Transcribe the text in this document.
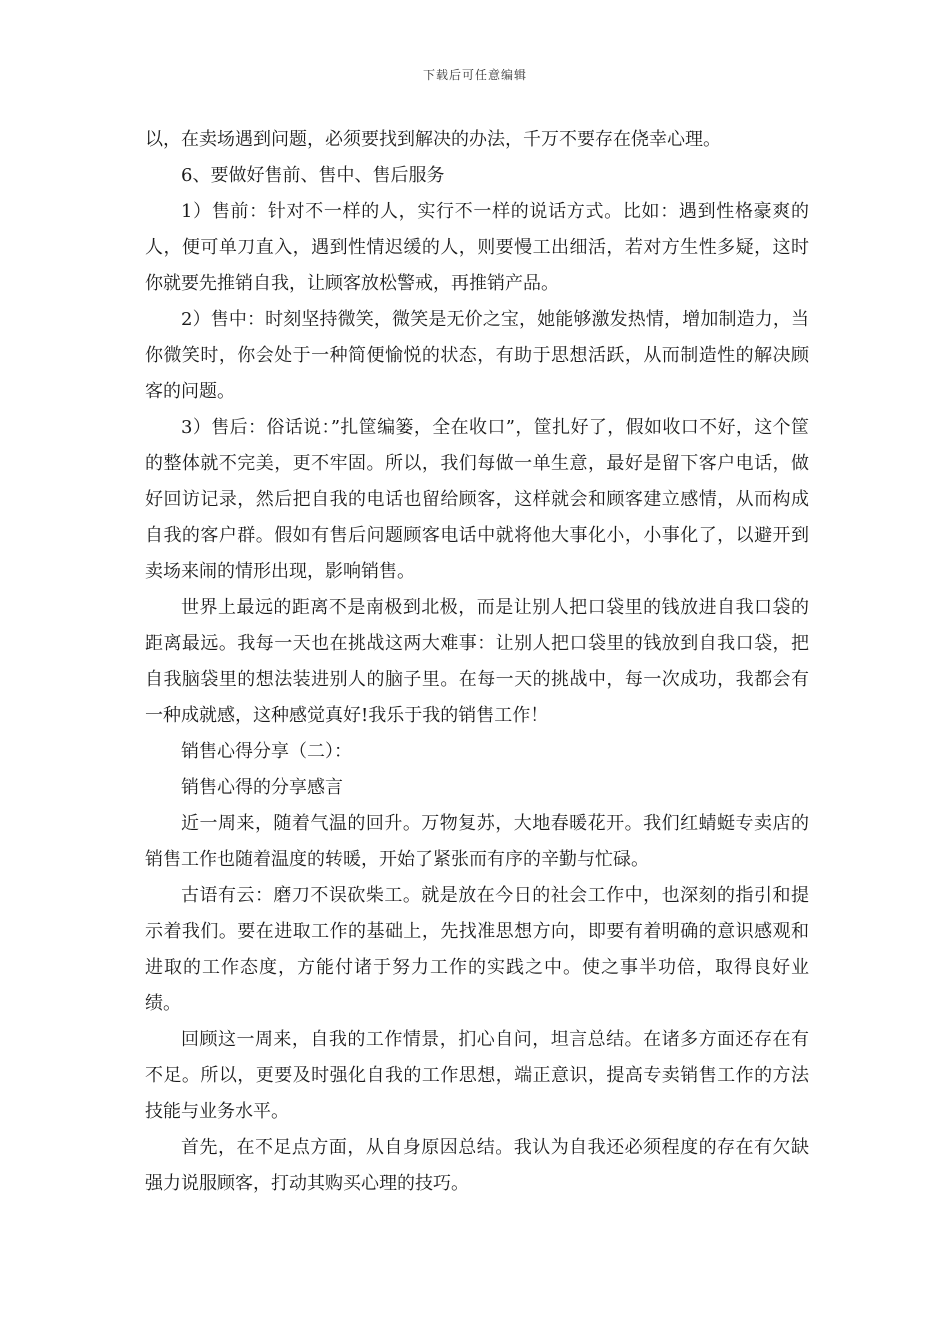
下载后可任意编辑

以，在卖场遇到问题，必须要找到解决的办法，千万不要存在侥幸心理。

6、要做好售前、售中、售后服务

1）售前：针对不一样的人，实行不一样的说话方式。比如：遇到性格豪爽的人，便可单刀直入，遇到性情迟缓的人，则要慢工出细活，若对方生性多疑，这时你就要先推销自我，让顾客放松警戒，再推销产品。

2）售中：时刻坚持微笑，微笑是无价之宝，她能够激发热情，增加制造力，当你微笑时，你会处于一种简便愉悦的状态，有助于思想活跃，从而制造性的解决顾客的问题。

3）售后：俗话说：”扎筐编篓，全在收口”，筐扎好了，假如收口不好，这个筐的整体就不完美，更不牢固。所以，我们每做一单生意，最好是留下客户电话，做好回访记录，然后把自我的电话也留给顾客，这样就会和顾客建立感情，从而构成自我的客户群。假如有售后问题顾客电话中就将他大事化小，小事化了，以避开到卖场来闹的情形出现，影响销售。

世界上最远的距离不是南极到北极，而是让别人把口袋里的钱放进自我口袋的距离最远。我每一天也在挑战这两大难事：让别人把口袋里的钱放到自我口袋，把自我脑袋里的想法装进别人的脑子里。在每一天的挑战中，每一次成功，我都会有一种成就感，这种感觉真好!我乐于我的销售工作！

销售心得分享（二）：

销售心得的分享感言

近一周来，随着气温的回升。万物复苏，大地春暖花开。我们红蜻蜓专卖店的销售工作也随着温度的转暖，开始了紧张而有序的辛勤与忙碌。

古语有云：磨刀不误砍柴工。就是放在今日的社会工作中，也深刻的指引和提示着我们。要在进取工作的基础上，先找准思想方向，即要有着明确的意识感观和进取的工作态度，方能付诸于努力工作的实践之中。使之事半功倍，取得良好业绩。

回顾这一周来，自我的工作情景，扪心自问，坦言总结。在诸多方面还存在有不足。所以，更要及时强化自我的工作思想，端正意识，提高专卖销售工作的方法技能与业务水平。

首先，在不足点方面，从自身原因总结。我认为自我还必须程度的存在有欠缺强力说服顾客，打动其购买心理的技巧。
